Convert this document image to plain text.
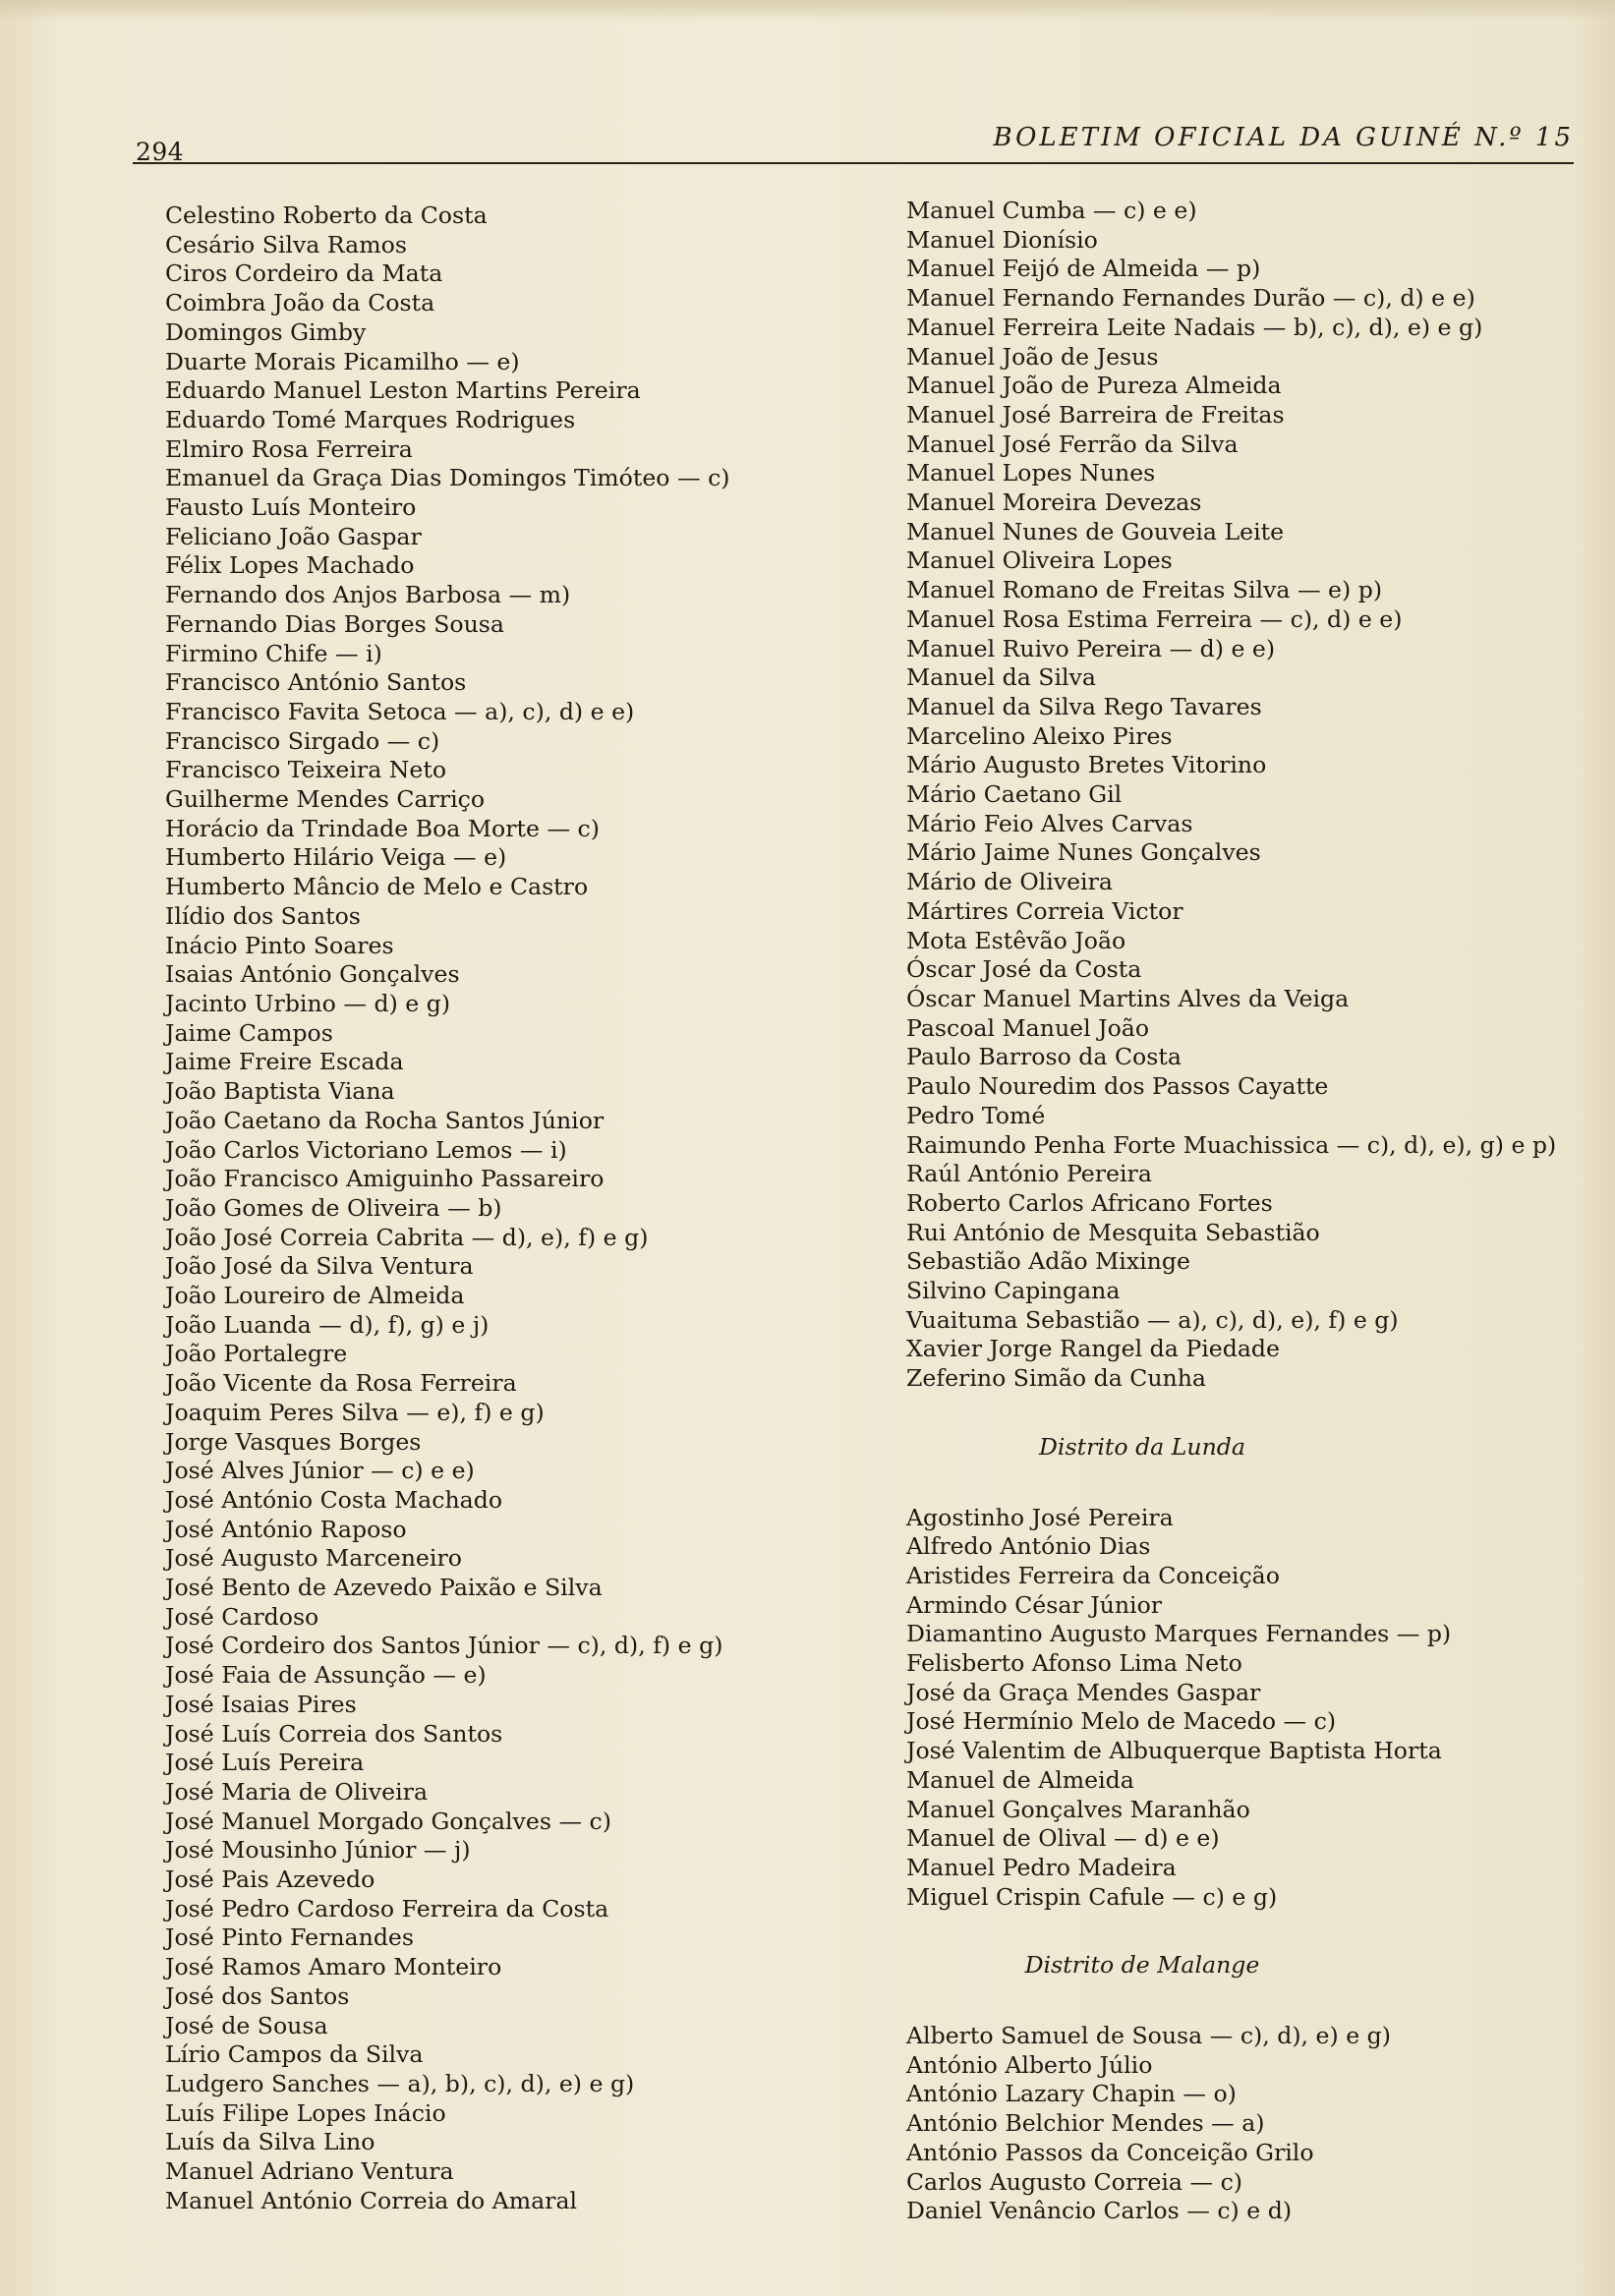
294	BOLETIM OFICIAL DA GUINÉ N.º 15
Celestino Roberto da Costa
Cesário Silva Ramos
Ciros Cordeiro da Mata
Coimbra João da Costa
Domingos Gimby
Duarte Morais Picamilho — e)
Eduardo Manuel Leston Martins Pereira
Eduardo Tomé Marques Rodrigues
Elmiro Rosa Ferreira
Emanuel da Graça Dias Domingos Timóteo — c)
Fausto Luís Monteiro
Feliciano João Gaspar
Félix Lopes Machado
Fernando dos Anjos Barbosa — m)
Fernando Dias Borges Sousa
Firmino Chife — i)
Francisco António Santos
Francisco Favita Setoca — a), c), d) e e)
Francisco Sirgado — c)
Francisco Teixeira Neto
Guilherme Mendes Carriço
Horácio da Trindade Boa Morte — c)
Humberto Hilário Veiga — e)
Humberto Mâncio de Melo e Castro
Ilídio dos Santos
Inácio Pinto Soares
Isaias António Gonçalves
Jacinto Urbino — d) e g)
Jaime Campos
Jaime Freire Escada
João Baptista Viana
João Caetano da Rocha Santos Júnior
João Carlos Victoriano Lemos — i)
João Francisco Amiguinho Passareiro
João Gomes de Oliveira — b)
João José Correia Cabrita — d), e), f) e g)
João José da Silva Ventura
João Loureiro de Almeida
João Luanda — d), f), g) e j)
João Portalegre
João Vicente da Rosa Ferreira
Joaquim Peres Silva — e), f) e g)
Jorge Vasques Borges
José Alves Júnior — c) e e)
José António Costa Machado
José António Raposo
José Augusto Marceneiro
José Bento de Azevedo Paixão e Silva
José Cardoso
José Cordeiro dos Santos Júnior — c), d), f) e g)
José Faia de Assunção — e)
José Isaias Pires
José Luís Correia dos Santos
José Luís Pereira
José Maria de Oliveira
José Manuel Morgado Gonçalves — c)
José Mousinho Júnior — j)
José Pais Azevedo
José Pedro Cardoso Ferreira da Costa
José Pinto Fernandes
José Ramos Amaro Monteiro
José dos Santos
José de Sousa
Lírio Campos da Silva
Ludgero Sanches — a), b), c), d), e) e g)
Luís Filipe Lopes Inácio
Luís da Silva Lino
Manuel Adriano Ventura
Manuel António Correia do Amaral
Manuel Cumba — c) e e)
Manuel Dionísio
Manuel Feijó de Almeida — p)
Manuel Fernando Fernandes Durão — c), d) e e)
Manuel Ferreira Leite Nadais — b), c), d), e) e g)
Manuel João de Jesus
Manuel João de Pureza Almeida
Manuel José Barreira de Freitas
Manuel José Ferrão da Silva
Manuel Lopes Nunes
Manuel Moreira Devezas
Manuel Nunes de Gouveia Leite
Manuel Oliveira Lopes
Manuel Romano de Freitas Silva — e) p)
Manuel Rosa Estima Ferreira — c), d) e e)
Manuel Ruivo Pereira — d) e e)
Manuel da Silva
Manuel da Silva Rego Tavares
Marcelino Aleixo Pires
Mário Augusto Bretes Vitorino
Mário Caetano Gil
Mário Feio Alves Carvas
Mário Jaime Nunes Gonçalves
Mário de Oliveira
Mártires Correia Victor
Mota Estêvão João
Óscar José da Costa
Óscar Manuel Martins Alves da Veiga
Pascoal Manuel João
Paulo Barroso da Costa
Paulo Nouredim dos Passos Cayatte
Pedro Tomé
Raimundo Penha Forte Muachissica — c), d), e), g) e p)
Raúl António Pereira
Roberto Carlos Africano Fortes
Rui António de Mesquita Sebastião
Sebastião Adão Mixinge
Silvino Capingana
Vuaituma Sebastião — a), c), d), e), f) e g)
Xavier Jorge Rangel da Piedade
Zeferino Simão da Cunha
Distrito da Lunda
Agostinho José Pereira
Alfredo António Dias
Aristides Ferreira da Conceição
Armindo César Júnior
Diamantino Augusto Marques Fernandes — p)
Felisberto Afonso Lima Neto
José da Graça Mendes Gaspar
José Hermínio Melo de Macedo — c)
José Valentim de Albuquerque Baptista Horta
Manuel de Almeida
Manuel Gonçalves Maranhão
Manuel de Olival — d) e e)
Manuel Pedro Madeira
Miguel Crispin Cafule — c) e g)
Distrito de Malange
Alberto Samuel de Sousa — c), d), e) e g)
António Alberto Júlio
António Lazary Chapin — o)
António Belchior Mendes — a)
António Passos da Conceição Grilo
Carlos Augusto Correia — c)
Daniel Venâncio Carlos — c) e d)
